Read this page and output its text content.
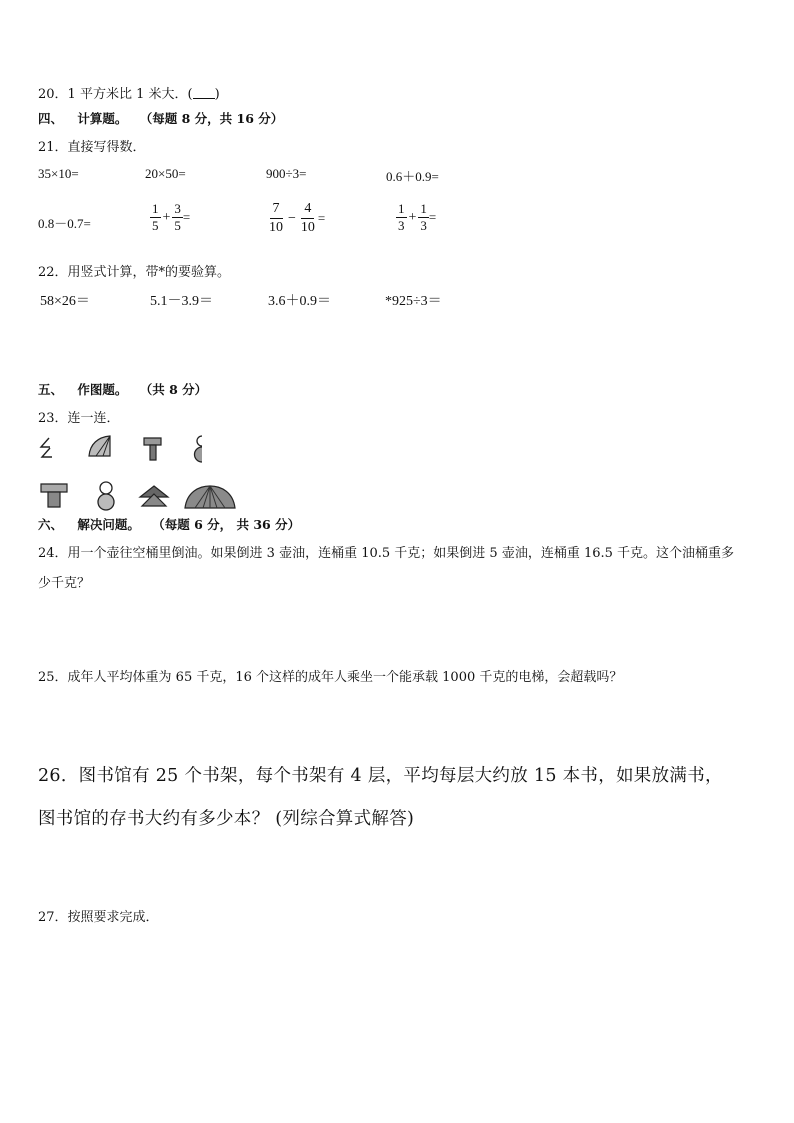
20．1 平方米比 1 米大．( )
四、 计算题。 （每题 8 分，共 16 分）
21．直接写得数．
35×10=	20×50=	900÷3=	0.6＋0.9=
0.8－0.7=	$\frac{1}{5} + \frac{3}{5}$ =	$\frac{7}{10} - \frac{4}{10}$ =	$\frac{1}{3} + \frac{1}{3}$ =
22．用竖式计算，带*的要验算。
58×26＝	5.1－3.9＝	3.6＋0.9＝	*925÷3＝
五、 作图题。 （共 8 分）
23．连一连．
六、 解决问题。 （每题 6 分， 共 36 分）
24．用一个壶往空桶里倒油。如果倒进 3 壶油，连桶重 10.5 千克；如果倒进 5 壶油，连桶重 16.5 千克。这个油桶重多
少千克？
25．成年人平均体重为 65 千克，16 个这样的成年人乘坐一个能承载 1000 千克的电梯，会超载吗？
26．图书馆有 25 个书架，每个书架有 4 层，平均每层大约放 15 本书，如果放满书，
图书馆的存书大约有多少本？ (列综合算式解答)
27．按照要求完成．
